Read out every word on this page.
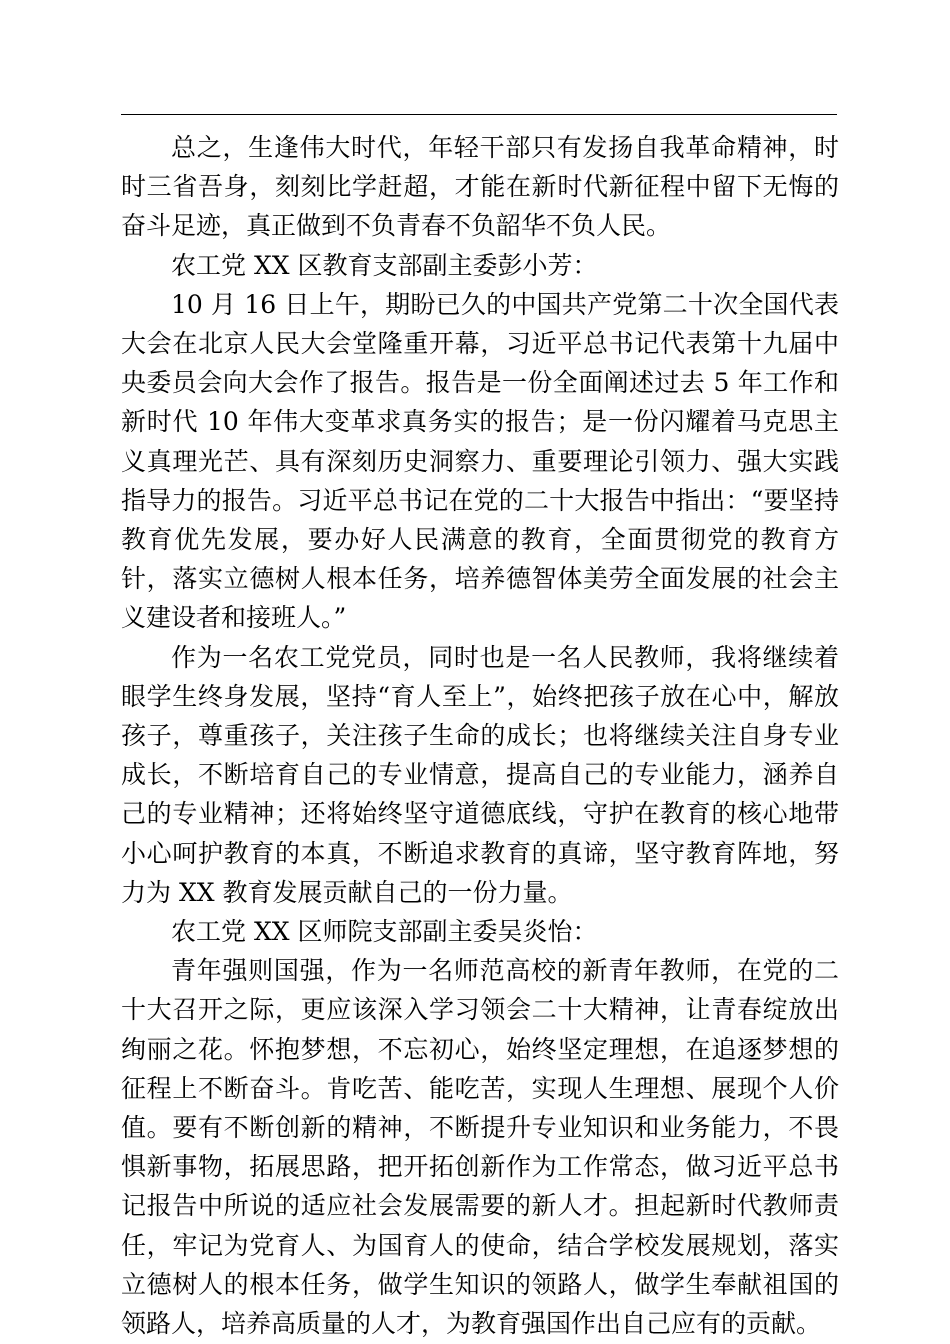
总之，生逢伟大时代，年轻干部只有发扬自我革命精神，时时三省吾身，刻刻比学赶超，才能在新时代新征程中留下无悔的奋斗足迹，真正做到不负青春不负韶华不负人民。

农工党 XX 区教育支部副主委彭小芳：

10 月 16 日上午，期盼已久的中国共产党第二十次全国代表大会在北京人民大会堂隆重开幕，习近平总书记代表第十九届中央委员会向大会作了报告。报告是一份全面阐述过去 5 年工作和新时代 10 年伟大变革求真务实的报告；是一份闪耀着马克思主义真理光芒、具有深刻历史洞察力、重要理论引领力、强大实践指导力的报告。习近平总书记在党的二十大报告中指出：“要坚持教育优先发展，要办好人民满意的教育，全面贯彻党的教育方针，落实立德树人根本任务，培养德智体美劳全面发展的社会主义建设者和接班人。”

作为一名农工党党员，同时也是一名人民教师，我将继续着眼学生终身发展，坚持“育人至上”，始终把孩子放在心中，解放孩子，尊重孩子，关注孩子生命的成长；也将继续关注自身专业成长，不断培育自己的专业情意，提高自己的专业能力，涵养自己的专业精神；还将始终坚守道德底线，守护在教育的核心地带小心呵护教育的本真，不断追求教育的真谛，坚守教育阵地，努力为 XX 教育发展贡献自己的一份力量。

农工党 XX 区师院支部副主委吴炎怡：

青年强则国强，作为一名师范高校的新青年教师，在党的二十大召开之际，更应该深入学习领会二十大精神，让青春绽放出绚丽之花。怀抱梦想，不忘初心，始终坚定理想，在追逐梦想的征程上不断奋斗。肯吃苦、能吃苦，实现人生理想、展现个人价值。要有不断创新的精神，不断提升专业知识和业务能力，不畏惧新事物，拓展思路，把开拓创新作为工作常态，做习近平总书记报告中所说的适应社会发展需要的新人才。担起新时代教师责任，牢记为党育人、为国育人的使命，结合学校发展规划，落实立德树人的根本任务，做学生知识的领路人，做学生奉献祖国的领路人，培养高质量的人才，为教育强国作出自己应有的贡献。
